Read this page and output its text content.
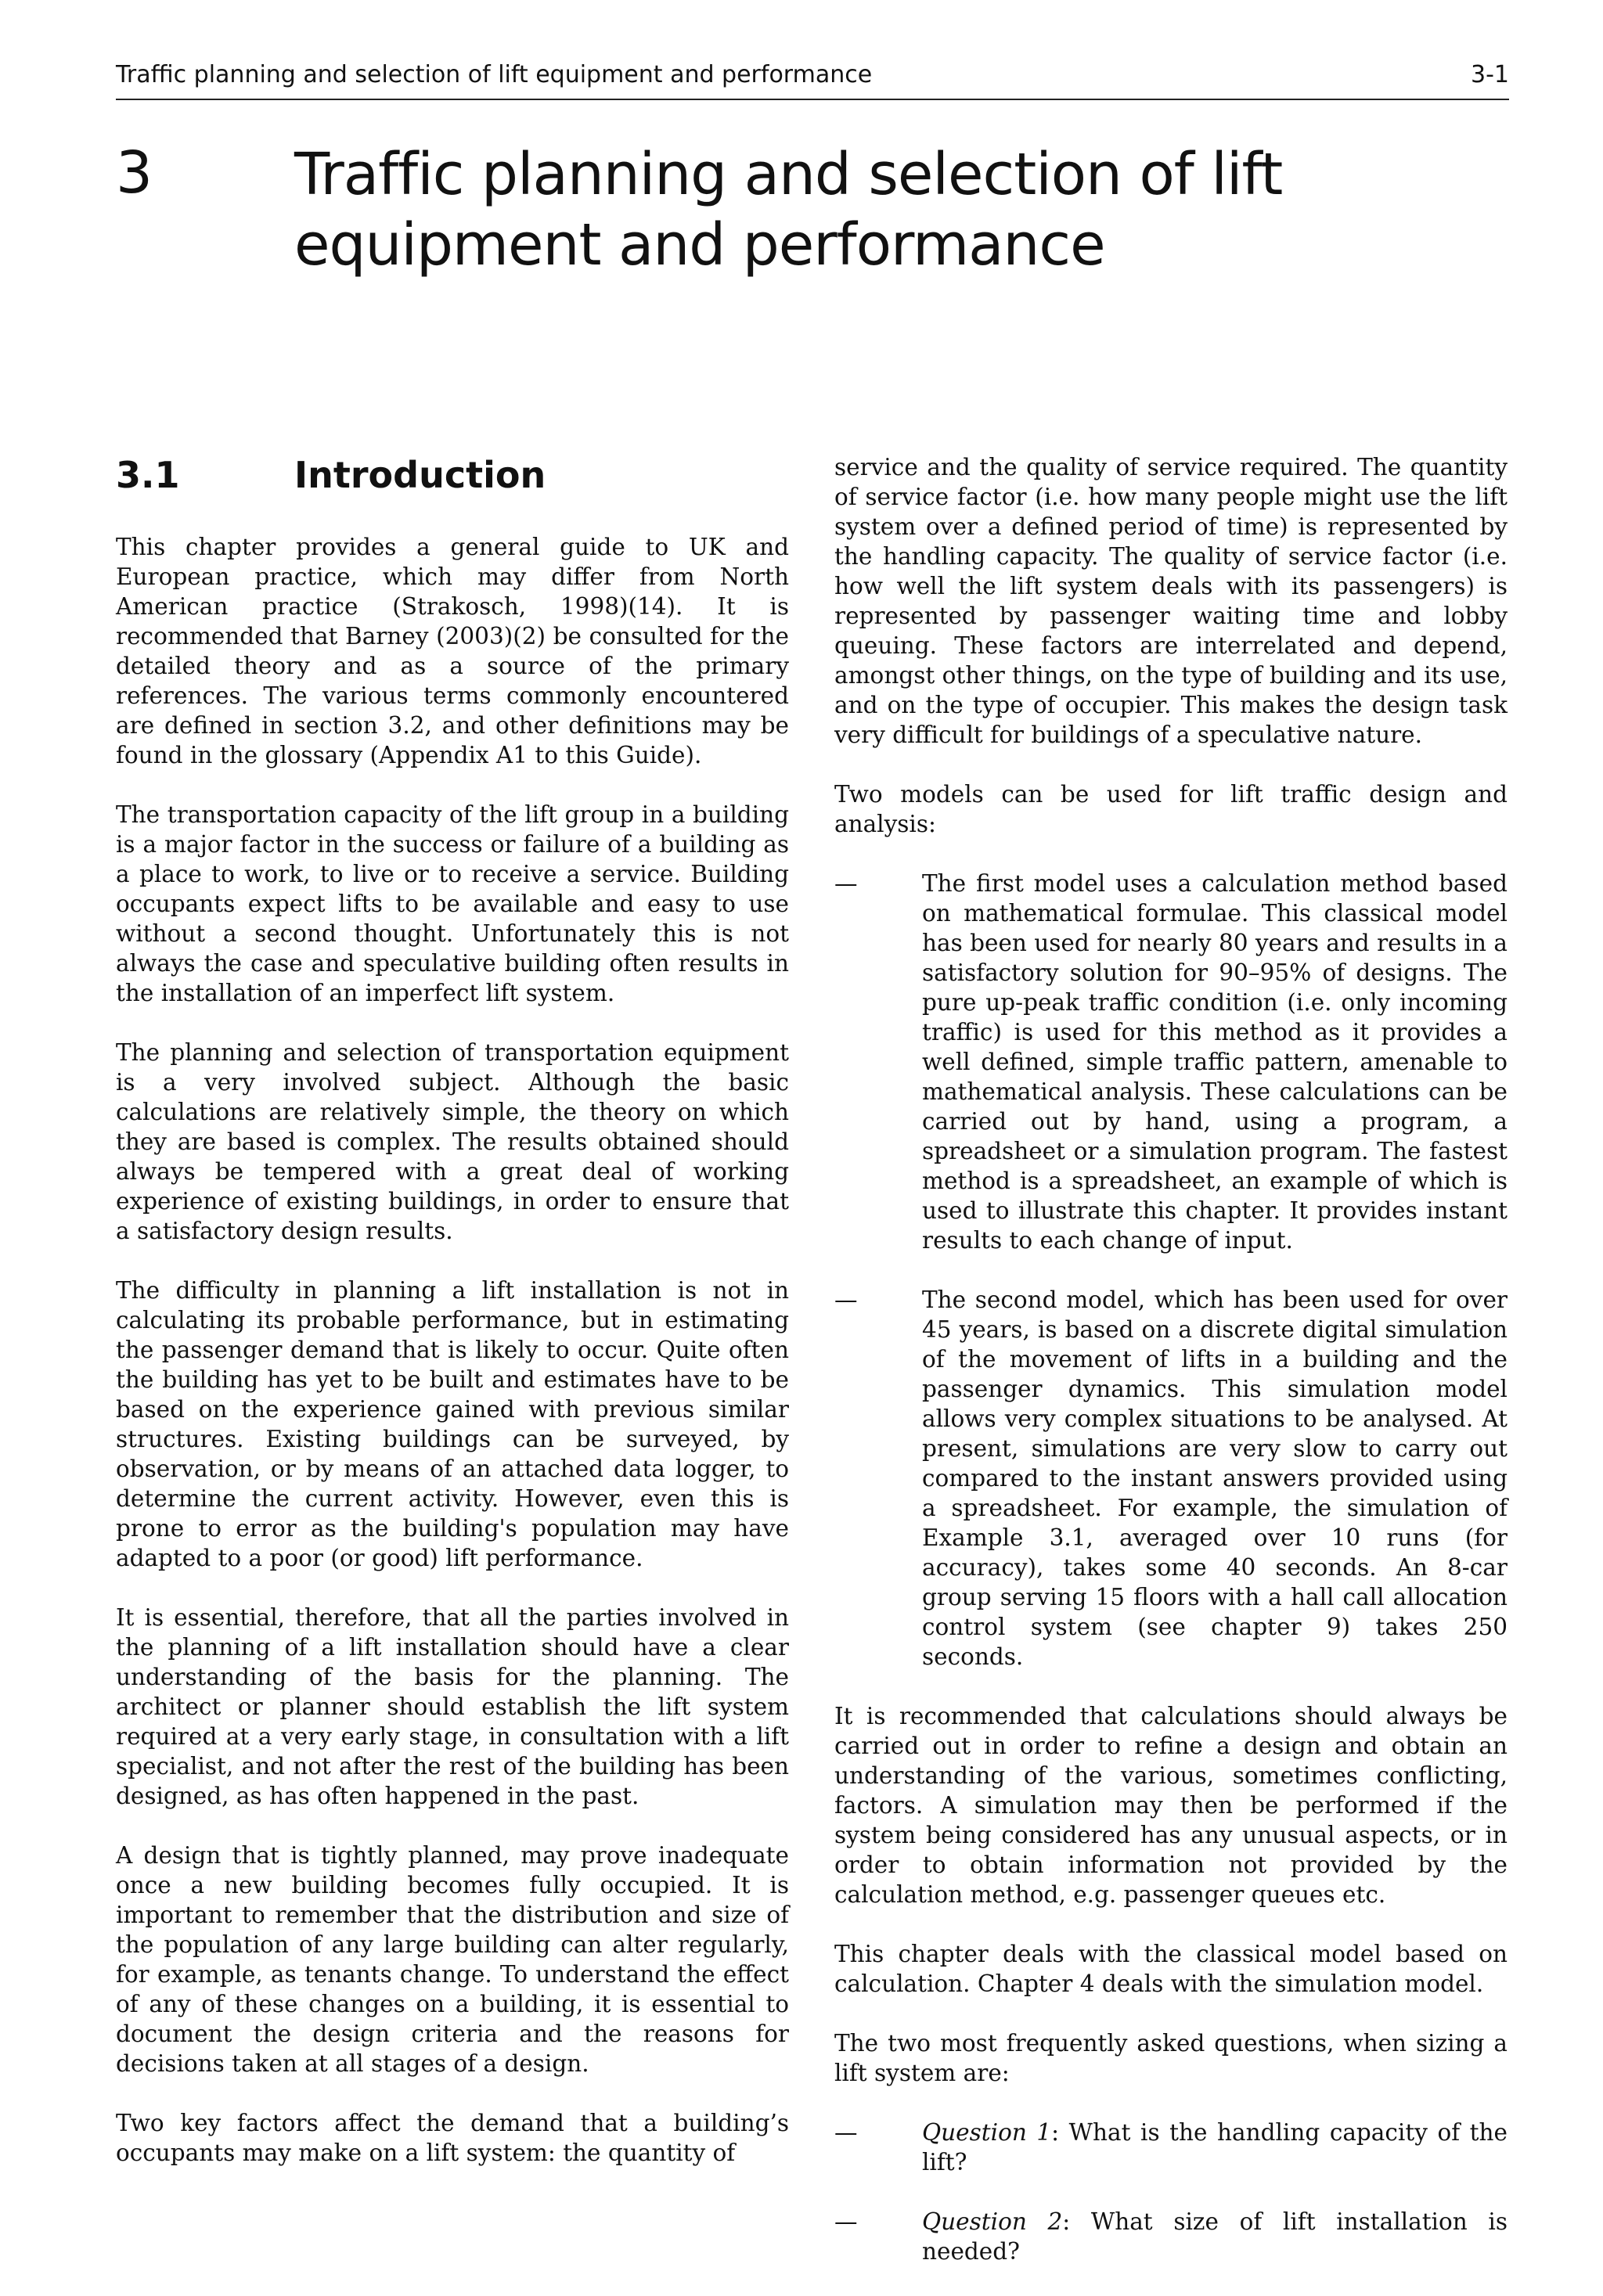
Traffic planning and selection of lift equipment and performance	3-1
3 Traffic planning and selection of lift equipment and performance
3.1	Introduction

This chapter provides a general guide to UK and European practice, which may differ from North American practice (Strakosch, 1998)(14). It is recommended that Barney (2003)(2) be consulted for the detailed theory and as a source of the primary references. The various terms commonly encountered are defined in section 3.2, and other definitions may be found in the glossary (Appendix A1 to this Guide).

The transportation capacity of the lift group in a building is a major factor in the success or failure of a building as a place to work, to live or to receive a service. Building occupants expect lifts to be available and easy to use without a second thought. Unfortunately this is not always the case and speculative building often results in the installation of an imperfect lift system.

The planning and selection of transportation equipment is a very involved subject. Although the basic calculations are relatively simple, the theory on which they are based is complex. The results obtained should always be tempered with a great deal of working experience of existing buildings, in order to ensure that a satisfactory design results.

The difficulty in planning a lift installation is not in calculating its probable performance, but in estimating the passenger demand that is likely to occur. Quite often the building has yet to be built and estimates have to be based on the experience gained with previous similar structures. Existing buildings can be surveyed, by observation, or by means of an attached data logger, to determine the current activity. However, even this is prone to error as the building's population may have adapted to a poor (or good) lift performance.

It is essential, therefore, that all the parties involved in the planning of a lift installation should have a clear understanding of the basis for the planning. The architect or planner should establish the lift system required at a very early stage, in consultation with a lift specialist, and not after the rest of the building has been designed, as has often happened in the past.

A design that is tightly planned, may prove inadequate once a new building becomes fully occupied. It is important to remember that the distribution and size of the population of any large building can alter regularly, for example, as tenants change. To understand the effect of any of these changes on a building, it is essential to document the design criteria and the reasons for decisions taken at all stages of a design.

Two key factors affect the demand that a building’s occupants may make on a lift system: the quantity of

service and the quality of service required. The quantity of service factor (i.e. how many people might use the lift system over a defined period of time) is represented by the handling capacity. The quality of service factor (i.e. how well the lift system deals with its passengers) is represented by passenger waiting time and lobby queuing. These factors are interrelated and depend, amongst other things, on the type of building and its use, and on the type of occupier. This makes the design task very difficult for buildings of a speculative nature.

Two models can be used for lift traffic design and analysis:

—	The first model uses a calculation method based on mathematical formulae. This classical model has been used for nearly 80 years and results in a satisfactory solution for 90–95% of designs. The pure up-peak traffic condition (i.e. only incoming traffic) is used for this method as it provides a well defined, simple traffic pattern, amenable to mathematical analysis. These calculations can be carried out by hand, using a program, a spreadsheet or a simulation program. The fastest method is a spreadsheet, an example of which is used to illustrate this chapter. It provides instant results to each change of input.
—	The second model, which has been used for over 45 years, is based on a discrete digital simulation of the movement of lifts in a building and the passenger dynamics. This simulation model allows very complex situations to be analysed. At present, simulations are very slow to carry out compared to the instant answers provided using a spreadsheet. For example, the simulation of Example 3.1, averaged over 10 runs (for accuracy), takes some 40 seconds. An 8-car group serving 15 floors with a hall call allocation control system (see chapter 9) takes 250 seconds.

It is recommended that calculations should always be carried out in order to refine a design and obtain an understanding of the various, sometimes conflicting, factors. A simulation may then be performed if the system being considered has any unusual aspects, or in order to obtain information not provided by the calculation method, e.g. passenger queues etc.

This chapter deals with the classical model based on calculation. Chapter 4 deals with the simulation model.

The two most frequently asked questions, when sizing a lift system are:

—	Question 1: What is the handling capacity of the lift?
—	Question 2: What size of lift installation is needed?
